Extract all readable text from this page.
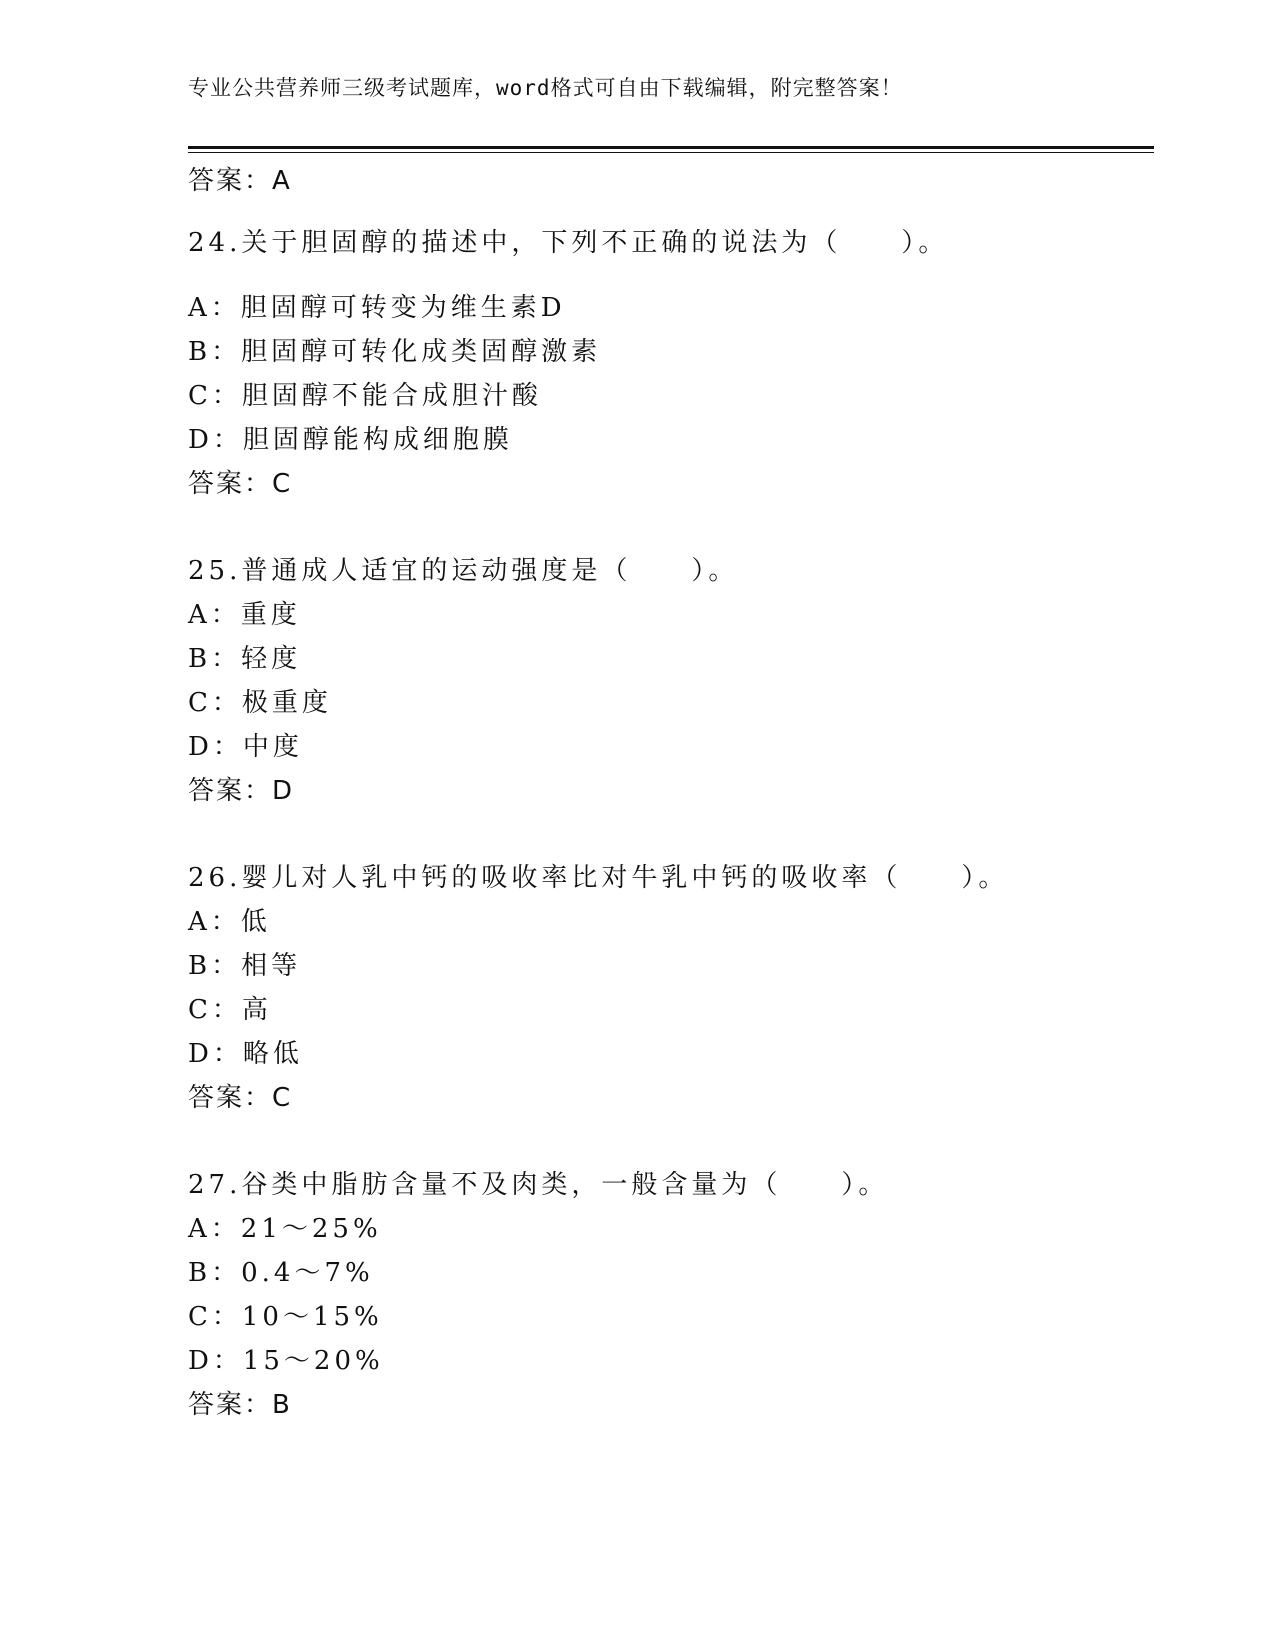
专业公共营养师三级考试题库，word格式可自由下载编辑，附完整答案！
答案：A
24.关于胆固醇的描述中，下列不正确的说法为（　　）。
A：胆固醇可转变为维生素D
B：胆固醇可转化成类固醇激素
C：胆固醇不能合成胆汁酸
D：胆固醇能构成细胞膜
答案：C
25.普通成人适宜的运动强度是（　　）。
A：重度
B：轻度
C：极重度
D：中度
答案：D
26.婴儿对人乳中钙的吸收率比对牛乳中钙的吸收率（　　）。
A：低
B：相等
C：高
D：略低
答案：C
27.谷类中脂肪含量不及肉类，一般含量为（　　）。
A：21～25%
B：0.4～7%
C：10～15%
D：15～20%
答案：B
